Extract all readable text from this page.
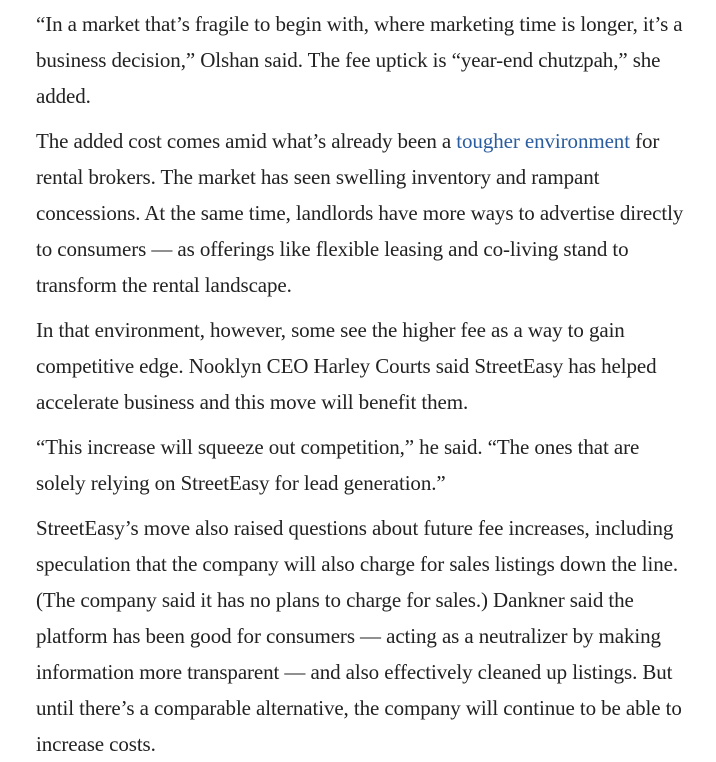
“In a market that’s fragile to begin with, where marketing time is longer, it’s a business decision,” Olshan said. The fee uptick is “year-end chutzpah,” she added.

The added cost comes amid what’s already been a tougher environment for rental brokers. The market has seen swelling inventory and rampant concessions. At the same time, landlords have more ways to advertise directly to consumers — as offerings like flexible leasing and co-living stand to transform the rental landscape.

In that environment, however, some see the higher fee as a way to gain competitive edge. Nooklyn CEO Harley Courts said StreetEasy has helped accelerate business and this move will benefit them.

“This increase will squeeze out competition,” he said. “The ones that are solely relying on StreetEasy for lead generation.”

StreetEasy’s move also raised questions about future fee increases, including speculation that the company will also charge for sales listings down the line. (The company said it has no plans to charge for sales.) Dankner said the platform has been good for consumers — acting as a neutralizer by making information more transparent — and also effectively cleaned up listings. But until there’s a comparable alternative, the company will continue to be able to increase costs.
